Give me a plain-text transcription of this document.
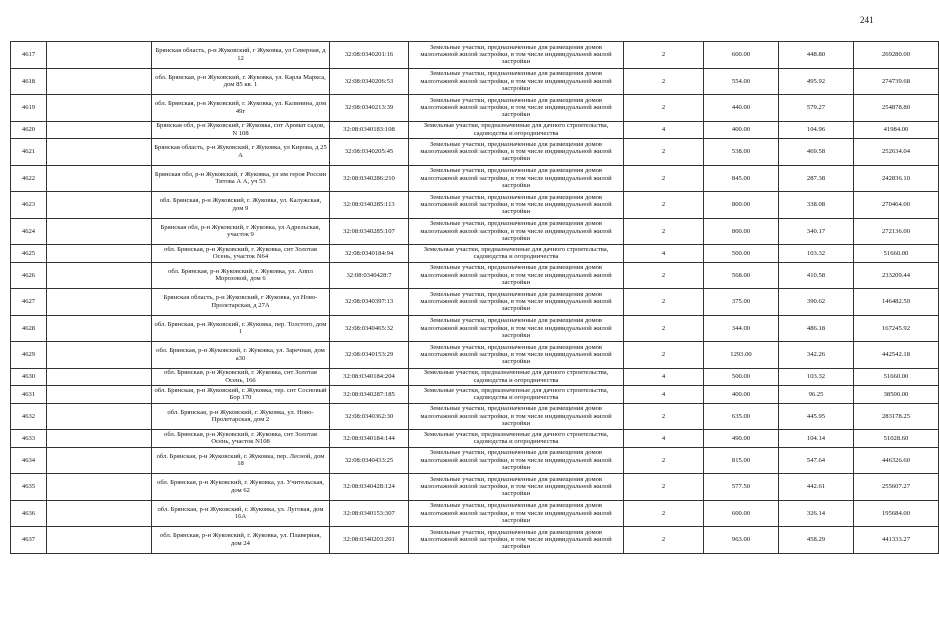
241
4617		Брянская область, р-н Жуковский, г Жуковка, ул Северная, д 12	32:08:0340201:16	Земельные участки, предназначенные для размещения домов малоэтажной жилой застройки, в том числе индивидуальной жилой застройки	2	600.00	448.80	269280.00
4618		обл. Брянская, р-н Жуковский, г. Жуковка, ул. Карла Маркса, дом 85 кв. 1	32:08:0340206:53	Земельные участки, предназначенные для размещения домов малоэтажной жилой застройки, в том числе индивидуальной жилой застройки	2	554.00	495.92	274739.68
4619		обл. Брянская, р-н Жуковский, г. Жуковка, ул. Калинина, дом 49г	32:08:0340213:39	Земельные участки, предназначенные для размещения домов малоэтажной жилой застройки, в том числе индивидуальной жилой застройки	2	440.00	579.27	254878.80
4620		Брянская обл, р-н Жуковский, г Жуковка, снт Аромат садов, N 108	32:08:0340183:108	Земельные участки, предназначенные для дачного строительства, садоводства и огородничества	4	400.00	104.96	41984.00
4621		Брянская область, р-н Жуковский, г Жуковка, ул Кирова, д 25 А	32:08:0340205:45	Земельные участки, предназначенные для размещения домов малоэтажной жилой застройки, в том числе индивидуальной жилой застройки	2	538.00	469.58	252634.04
4622		Брянская обл, р-н Жуковский, г Жуковка, ул им героя России Титова А А, уч 53	32:08:0340286:210	Земельные участки, предназначенные для размещения домов малоэтажной жилой застройки, в том числе индивидуальной жилой застройки	2	845.00	287.38	242836.10
4623		обл. Брянская, р-н Жуковский, г. Жуковка, ул. Калужская, дом 9	32:08:0340285:113	Земельные участки, предназначенные для размещения домов малоэтажной жилой застройки, в том числе индивидуальной жилой застройки	2	800.00	338.08	270464.00
4624		Брянская обл, р-н Жуковский, г Жуковка, ул Адрельская, участок 9	32:08:0340285:107	Земельные участки, предназначенные для размещения домов малоэтажной жилой застройки, в том числе индивидуальной жилой застройки	2	800.00	340.17	272136.00
4625		обл. Брянская, р-н Жуковский, г. Жуковка, снт Золотая Осень, участок N64	32:08:0340184:94	Земельные участки, предназначенные для дачного строительства, садоводства и огородничества	4	500.00	103.32	51660.00
4626		обл. Брянская, р-н Жуковский, г. Жуковка, ул. Аппл Морозовой, дом 6	32:08:0340428:7	Земельные участки, предназначенные для размещения домов малоэтажной жилой застройки, в том числе индивидуальной жилой застройки	2	568.00	410.58	233209.44
4627		Брянская область, р-н Жуковский, г Жуковка, ул Ново-Пролетарская, д 27А	32:08:0340397:13	Земельные участки, предназначенные для размещения домов малоэтажной жилой застройки, в том числе индивидуальной жилой застройки	2	375.00	390.62	146482.50
4628		обл. Брянская, р-н Жуковский, г. Жуковка, пер. Толстого, дом 1	32:08:0340465:32	Земельные участки, предназначенные для размещения домов малоэтажной жилой застройки, в том числе индивидуальной жилой застройки	2	344.00	486.18	167245.92
4629		обл. Брянская, р-н Жуковский, г. Жуковка, ул. Заречная, дом а30	32:08:0340153:29	Земельные участки, предназначенные для размещения домов малоэтажной жилой застройки, в том числе индивидуальной жилой застройки	2	1293.00	342.26	442542.18
4630		обл. Брянская, р-н Жуковский, г. Жуковка, снт Золотая Осень, 166	32:08:0340184:204	Земельные участки, предназначенные для дачного строительства, садоводства и огородничества	4	500.00	103.32	51660.00
4631		обл. Брянская, р-н Жуковский, г. Жуковка, тер. снт Сосновый Бор 170	32:08:0340287:185	Земельные участки, предназначенные для дачного строительства, садоводства и огородничества	4	400.00	96.25	38500.00
4632		обл. Брянская, р-н Жуковский, г. Жуковка, ул. Ново-Пролетарская, дом 2	32:08:0340362:30	Земельные участки, предназначенные для размещения домов малоэтажной жилой застройки, в том числе индивидуальной жилой застройки	2	635.00	445.95	283178.25
4633		обл. Брянская, р-н Жуковский, г. Жуковка, снт Золотая Осень, участок N108	32:08:0340184:144	Земельные участки, предназначенные для дачного строительства, садоводства и огородничества	4	490.00	104.14	51028.60
4634		обл. Брянская, р-н Жуковский, г. Жуковка, пер. Лесной, дом 18	32:08:0340433:25	Земельные участки, предназначенные для размещения домов малоэтажной жилой застройки, в том числе индивидуальной жилой застройки	2	815.00	547.64	446326.60
4635		обл. Брянская, р-н Жуковский, г. Жуковка, ул. Учительская, дом 62	32:08:0340428:124	Земельные участки, предназначенные для размещения домов малоэтажной жилой застройки, в том числе индивидуальной жилой застройки	2	577.50	442.61	255607.27
4636		обл. Брянская, р-н Жуковский, г. Жуковка, ул. Луговая, дом 16А	32:08:0340153:307	Земельные участки, предназначенные для размещения домов малоэтажной жилой застройки, в том числе индивидуальной жилой застройки	2	600.00	326.14	195684.00
4637		обл. Брянская, р-н Жуковский, г. Жуковка, ул. Плавериая, дом 24	32:08:0340203:201	Земельные участки, предназначенные для размещения домов малоэтажной жилой застройки, в том числе индивидуальной жилой застройки	2	963.00	458.29	441333.27
